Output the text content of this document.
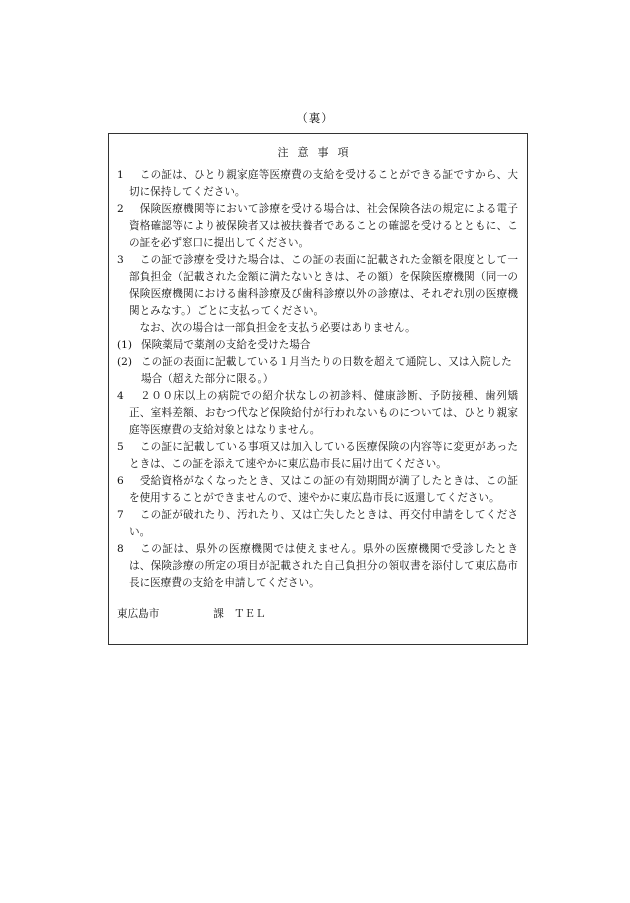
（裏）
注意事項
1 　この証は、ひとり親家庭等医療費の支給を受けることができる証ですから、大切に保持してください。
2 　保険医療機関等において診療を受ける場合は、社会保険各法の規定による電子資格確認等により被保険者又は被扶養者であることの確認を受けるとともに、この証を必ず窓口に提出してください。
3 　この証で診療を受けた場合は、この証の表面に記載された金額を限度として一部負担金（記載された金額に満たないときは、その額）を保険医療機関（同一の保険医療機関における歯科診療及び歯科診療以外の診療は、それぞれ別の医療機関とみなす。）ごとに支払ってください。
なお、次の場合は一部負担金を支払う必要はありません。
(1) 保険薬局で薬剤の支給を受けた場合
(2) この証の表面に記載している１月当たりの日数を超えて通院し、又は入院した場合（超えた部分に限る。）
4 　２００床以上の病院での紹介状なしの初診料、健康診断、予防接種、歯列矯正、室料差額、おむつ代など保険給付が行われないものについては、ひとり親家庭等医療費の支給対象とはなりません。
5 　この証に記載している事項又は加入している医療保険の内容等に変更があったときは、この証を添えて速やかに東広島市長に届け出てください。
6 　受給資格がなくなったとき、又はこの証の有効期間が満了したときは、この証を使用することができませんので、速やかに東広島市長に返還してください。
7 　この証が破れたり、汚れたり、又は亡失したときは、再交付申請をしてください。
8 　この証は、県外の医療機関では使えません。県外の医療機関で受診したときは、保険診療の所定の項目が記載された自己負担分の領収書を添付して東広島市長に医療費の支給を申請してください。
東広島市	課 ＴＥＬ
